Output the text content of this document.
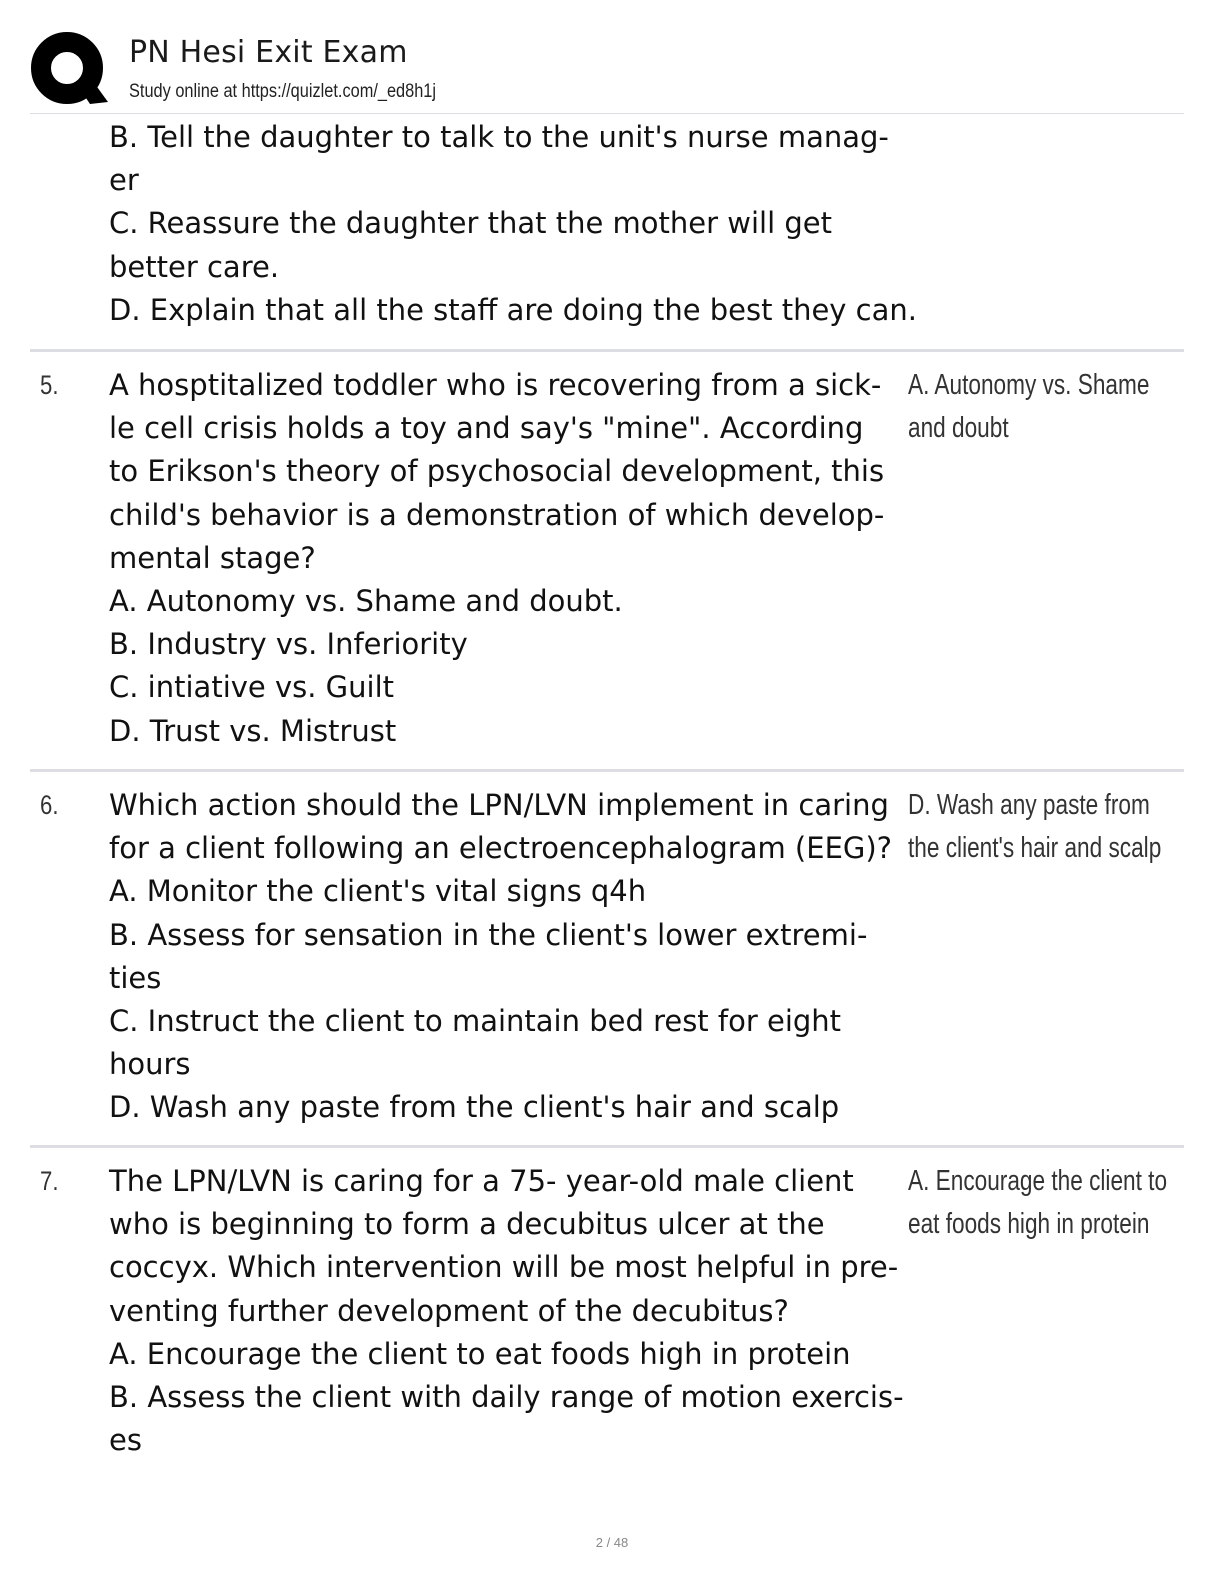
PN Hesi Exit Exam
Study online at https://quizlet.com/_ed8h1j
B. Tell the daughter to talk to the unit's nurse manag-
er
C. Reassure the daughter that the mother will get
better care.
D. Explain that all the staff are doing the best they can.
5. A hosptitalized toddler who is recovering from a sick-
le cell crisis holds a toy and say's "mine". According
to Erikson's theory of psychosocial development, this
child's behavior is a demonstration of which develop-
mental stage?
A. Autonomy vs. Shame and doubt.
B. Industry vs. Inferiority
C. intiative vs. Guilt
D. Trust vs. Mistrust
A. Autonomy vs. Shame
and doubt
6. Which action should the LPN/LVN implement in caring
for a client following an electroencephalogram (EEG)?
A. Monitor the client's vital signs q4h
B. Assess for sensation in the client's lower extremi-
ties
C. Instruct the client to maintain bed rest for eight
hours
D. Wash any paste from the client's hair and scalp
D. Wash any paste from
the client's hair and scalp
7. The LPN/LVN is caring for a 75- year-old male client
who is beginning to form a decubitus ulcer at the
coccyx. Which intervention will be most helpful in pre-
venting further development of the decubitus?
A. Encourage the client to eat foods high in protein
B. Assess the client with daily range of motion exercis-
es
A. Encourage the client to
eat foods high in protein
2 / 48
